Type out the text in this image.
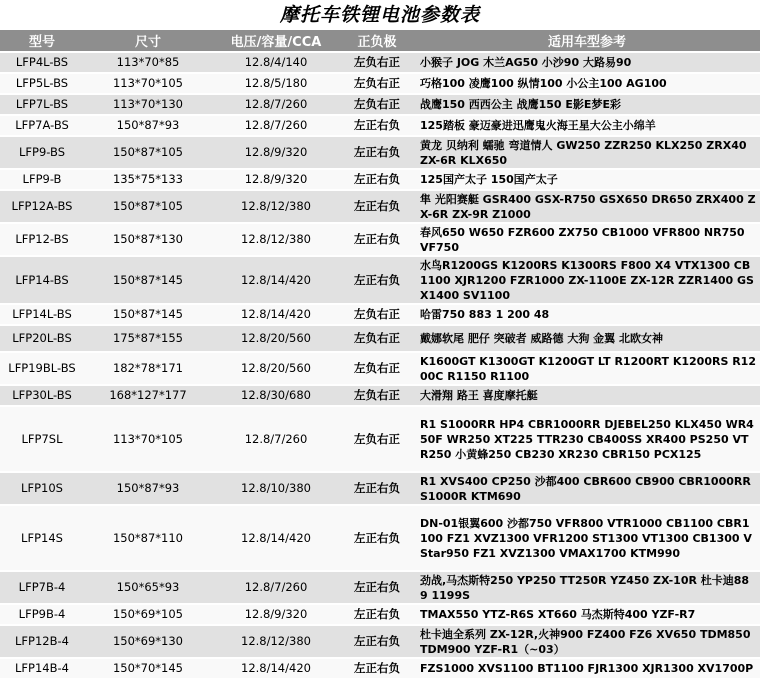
摩托车铁锂电池参数表
型号	尺寸	电压/容量/CCA	正负极	适用车型参考
LFP4L-BS	113*70*85	12.8/4/140	左负右正	小猴子 JOG 木兰AG50 小沙90 大路易90
LFP5L-BS	113*70*105	12.8/5/180	左负右正	巧格100 凌鹰100 纵情100 小公主100 AG100
LFP7L-BS	113*70*130	12.8/7/260	左负右正	战鹰150 西西公主 战鹰150 E影E梦E彩
LFP7A-BS	150*87*93	12.8/7/260	左正右负	125踏板 豪迈豪进迅鹰鬼火海王星大公主小绵羊
LFP9-BS	150*87*105	12.8/9/320	左正右负	黄龙 贝纳利 蠕驰 弯道情人 GW250 ZZR250 KLX250 ZRX40 ZX-6R KLX650
LFP9-B	135*75*133	12.8/9/320	左正右负	125国产太子 150国产太子
LFP12A-BS	150*87*105	12.8/12/380	左正右负	隼 光阳赛艇 GSR400 GSX-R750 GSX650 DR650 ZRX400 ZX-6R ZX-9R Z1000
LFP12-BS	150*87*130	12.8/12/380	左正右负	春风650 W650 FZR600 ZX750 CB1000 VFR800 NR750 VF750
LFP14-BS	150*87*145	12.8/14/420	左正右负	水鸟R1200GS K1200RS K1300RS F800 X4 VTX1300 CB1100 XJR1200 FZR1000 ZX-1100E ZX-12R ZZR1400 GSX1400 SV1100
LFP14L-BS	150*87*145	12.8/14/420	左负右正	哈雷750 883 1 200 48
LFP20L-BS	175*87*155	12.8/20/560	左负右正	戴娜软尾 肥仔 突破者 威路德 大狗 金翼 北欧女神
LFP19BL-BS	182*78*171	12.8/20/560	左负右正	K1600GT K1300GT K1200GT LT R1200RT K1200RS R1200C R1150 R1100
LFP30L-BS	168*127*177	12.8/30/680	左负右正	大滑翔 路王 喜度摩托艇
LFP7SL	113*70*105	12.8/7/260	左负右正	R1 S1000RR HP4 CBR1000RR DJEBEL250 KLX450 WR450F WR250 XT225 TTR230 CB400SS XR400 PS250 VTR250 小黄蜂250 CB230 XR230 CBR150 PCX125
LFP10S	150*87*93	12.8/10/380	左正右负	R1 XVS400 CP250 沙都400 CBR600 CB900 CBR1000RR S1000R KTM690
LFP14S	150*87*110	12.8/14/420	左正右负	DN-01银翼600 沙都750 VFR800 VTR1000 CB1100 CBR1100 FZ1 XVZ1300 VFR1200 ST1300 VT1300 CB1300 VStar950 FZ1 XVZ1300 VMAX1700 KTM990
LFP7B-4	150*65*93	12.8/7/260	左正右负	劲战,马杰斯特250 YP250 TT250R YZ450 ZX-10R 杜卡迪889 1199S
LFP9B-4	150*69*105	12.8/9/320	左正右负	TMAX550 YTZ-R6S XT660 马杰斯特400 YZF-R7
LFP12B-4	150*69*130	12.8/12/380	左正右负	杜卡迪全系列 ZX-12R,火神900 FZ400 FZ6 XV650 TDM850 TDM900 YZF-R1（~03）
LFP14B-4	150*70*145	12.8/14/420	左正右负	FZS1000 XVS1100 BT1100 FJR1300 XJR1300 XV1700P
